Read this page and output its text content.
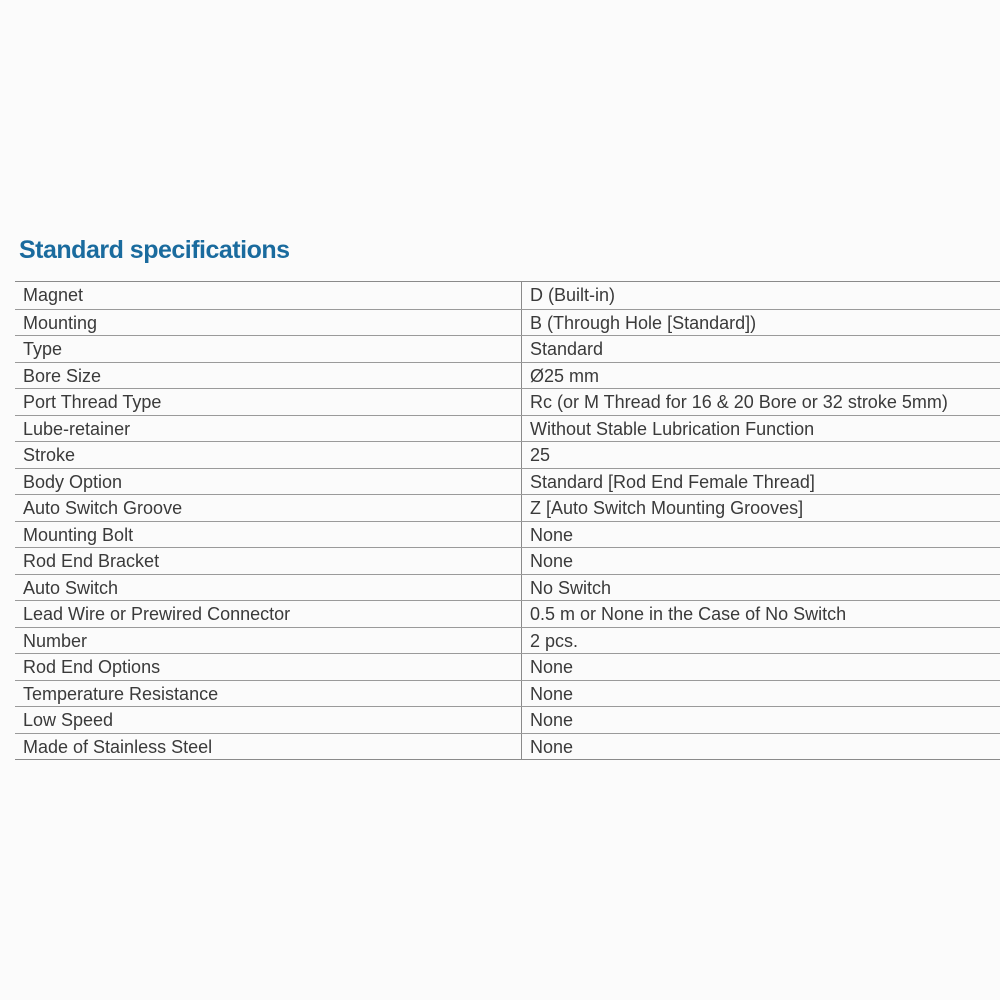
Standard specifications
Magnet	D (Built-in)
Mounting	B (Through Hole [Standard])
Type	Standard
Bore Size	Ø25 mm
Port Thread Type	Rc (or M Thread for 16 & 20 Bore or 32 stroke 5mm)
Lube-retainer	Without Stable Lubrication Function
Stroke	25
Body Option	Standard [Rod End Female Thread]
Auto Switch Groove	Z [Auto Switch Mounting Grooves]
Mounting Bolt	None
Rod End Bracket	None
Auto Switch	No Switch
Lead Wire or Prewired Connector	0.5 m or None in the Case of No Switch
Number	2 pcs.
Rod End Options	None
Temperature Resistance	None
Low Speed	None
Made of Stainless Steel	None
